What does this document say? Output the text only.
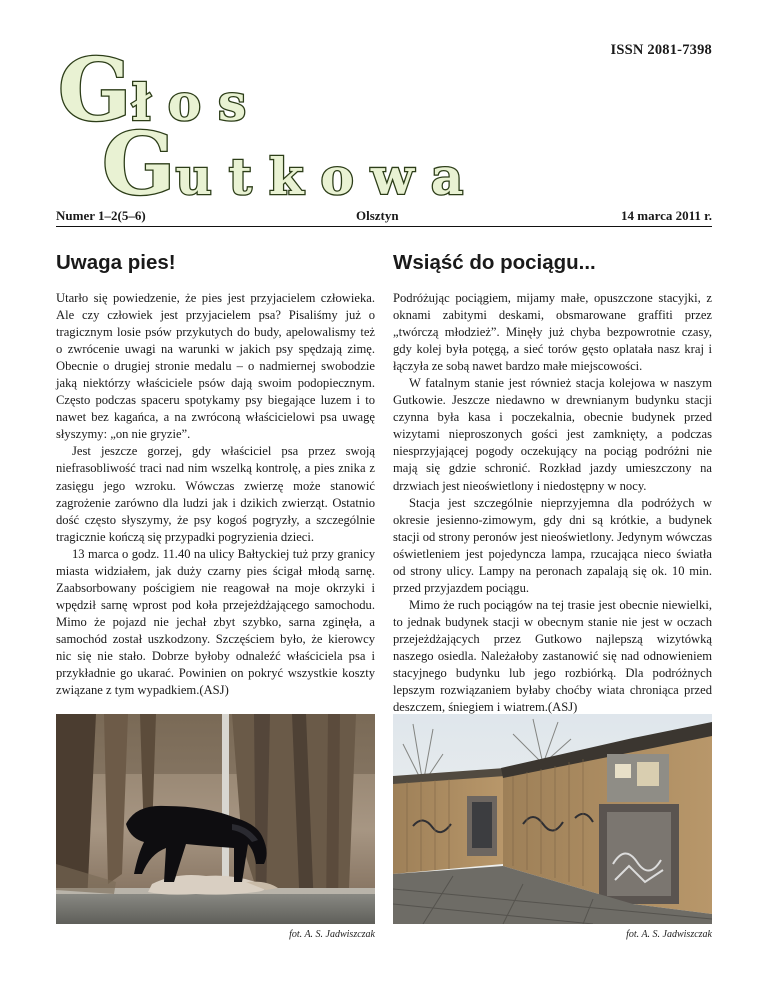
ISSN 2081-7398
Głos
Gutkowa
Numer 1–2(5–6)	Olsztyn	14 marca 2011 r.
Uwaga pies!

Utarło się powiedzenie, że pies jest przyjacielem człowieka. Ale czy człowiek jest przyjacielem psa? Pisaliśmy już o tragicznym losie psów przykutych do budy, apelowalismy też o zwrócenie uwagi na warunki w jakich psy spędzają zimę. Obecnie o drugiej stronie medalu – o nadmiernej swobodzie jaką niektórzy właściciele psów dają swoim podopiecznym. Często podczas spaceru spotykamy psy biegające luzem i to nawet bez kagańca, a na zwróconą właścicielowi psa uwagę słyszymy: „on nie gryzie”.

Jest jeszcze gorzej, gdy właściciel psa przez swoją niefrasobliwość traci nad nim wszelką kontrolę, a pies znika z zasięgu jego wzroku. Wówczas zwierzę może stanowić zagrożenie zarówno dla ludzi jak i dzikich zwierząt. Ostatnio dość często słyszymy, że psy kogoś pogryzły, a szczególnie tragicznie kończą się przypadki pogryzienia dzieci.

13 marca o godz. 11.40 na ulicy Bałtyckiej tuż przy granicy miasta widziałem, jak duży czarny pies ścigał młodą sarnę. Zaabsorbowany pościgiem nie reagował na moje okrzyki i wpędził sarnę wprost pod koła przejeżdżającego samochodu. Mimo że pojazd nie jechał zbyt szybko, sarna zginęła, a samochód został uszkodzony. Szczęściem było, że kierowcy nic się nie stało. Dobrze byłoby odnaleźć właściciela psa i przykładnie go ukarać. Powinien on pokryć wszystkie koszty związane z tym wypadkiem.(ASJ)

Wsiąść do pociągu...

Podróżując pociągiem, mijamy małe, opuszczone stacyjki, z oknami zabitymi deskami, obsmarowane graffiti przez „twórczą młodzież”. Minęły już chyba bezpowrotnie czasy, gdy kolej była potęgą, a sieć torów gęsto oplatała nasz kraj i łączyła ze sobą nawet bardzo małe miejscowości.

W fatalnym stanie jest również stacja kolejowa w naszym Gutkowie. Jeszcze niedawno w drewnianym budynku stacji czynna była kasa i poczekalnia, obecnie budynek przed wizytami nieproszonych gości jest zamknięty, a podczas niesprzyjającej pogody oczekujący na pociąg podróżni nie mają się gdzie schronić. Rozkład jazdy umieszczony na drzwiach jest nieoświetlony i niedostępny w nocy.

Stacja jest szczególnie nieprzyjemna dla podróżych w okresie jesienno-zimowym, gdy dni są krótkie, a budynek stacji od strony peronów jest nieoświetlony. Jedynym wówczas oświetleniem jest pojedyncza lampa, rzucająca nieco światła od strony ulicy. Lampy na peronach zapalają się ok. 10 min. przed przyjazdem pociągu.

Mimo że ruch pociągów na tej trasie jest obecnie niewielki, to jednak budynek stacji w obecnym stanie nie jest w oczach przejeżdżających przez Gutkowo najlepszą wizytówką naszego osiedla. Należałoby zastanowić się nad odnowieniem stacyjnego budynku lub jego rozbiórką. Dla podróżnych lepszym rozwiązaniem byłaby choćby wiata chroniąca przed deszczem, śniegiem i wiatrem.(ASJ)

fot. A. S. Jadwiszczak	fot. A. S. Jadwiszczak
